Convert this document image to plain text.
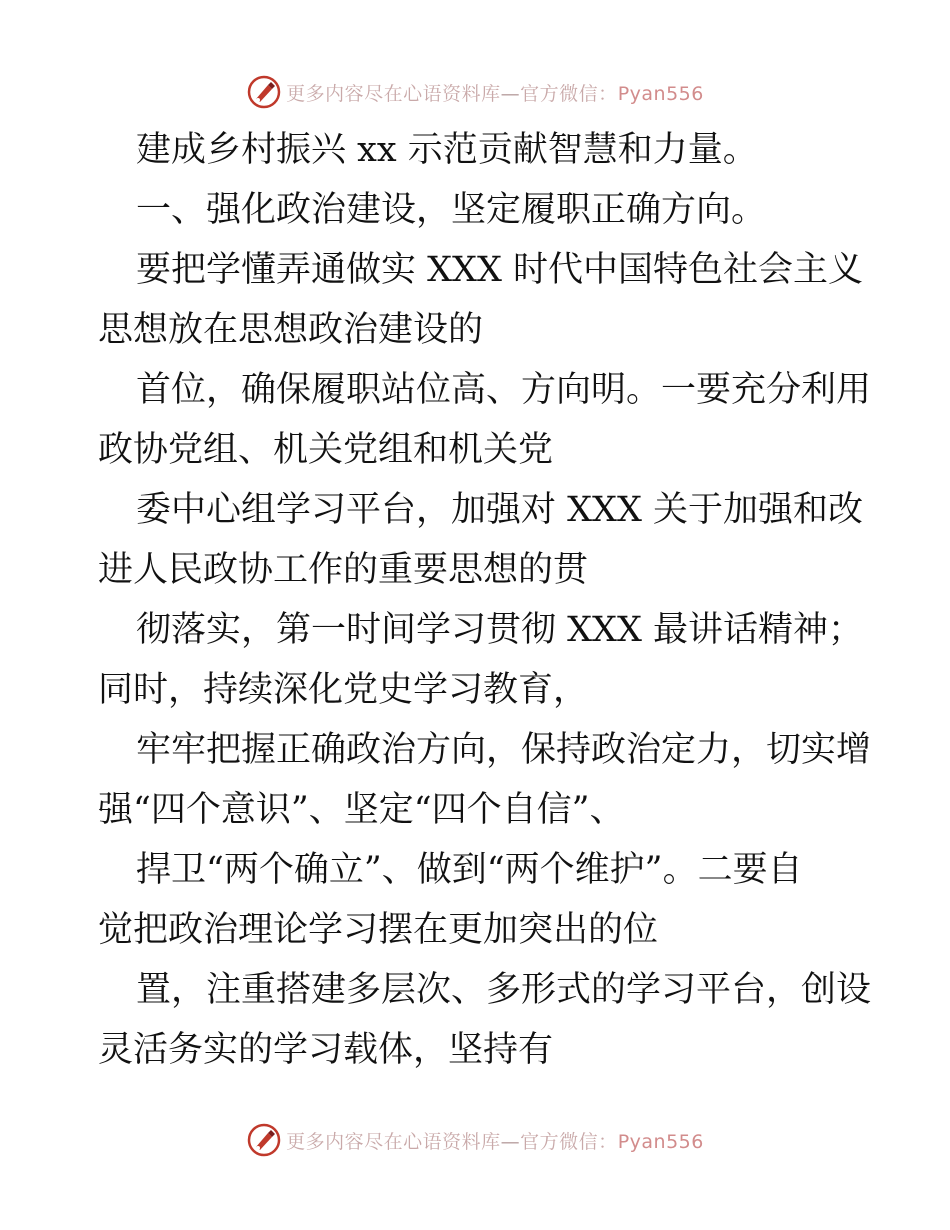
更多内容尽在心语资料库—官方微信：Pyan556
建成乡村振兴 xx 示范贡献智慧和力量。
一、强化政治建设，坚定履职正确方向。
要把学懂弄通做实 XXX 时代中国特色社会主义
思想放在思想政治建设的
首位，确保履职站位高、方向明。一要充分利用
政协党组、机关党组和机关党
委中心组学习平台，加强对 XXX 关于加强和改
进人民政协工作的重要思想的贯
彻落实，第一时间学习贯彻 XXX 最讲话精神；
同时，持续深化党史学习教育，
牢牢把握正确政治方向，保持政治定力，切实增
强“四个意识”、坚定“四个自信”、
捍卫“两个确立”、做到“两个维护”。二要自
觉把政治理论学习摆在更加突出的位
置，注重搭建多层次、多形式的学习平台，创设
灵活务实的学习载体，坚持有
更多内容尽在心语资料库—官方微信：Pyan556
